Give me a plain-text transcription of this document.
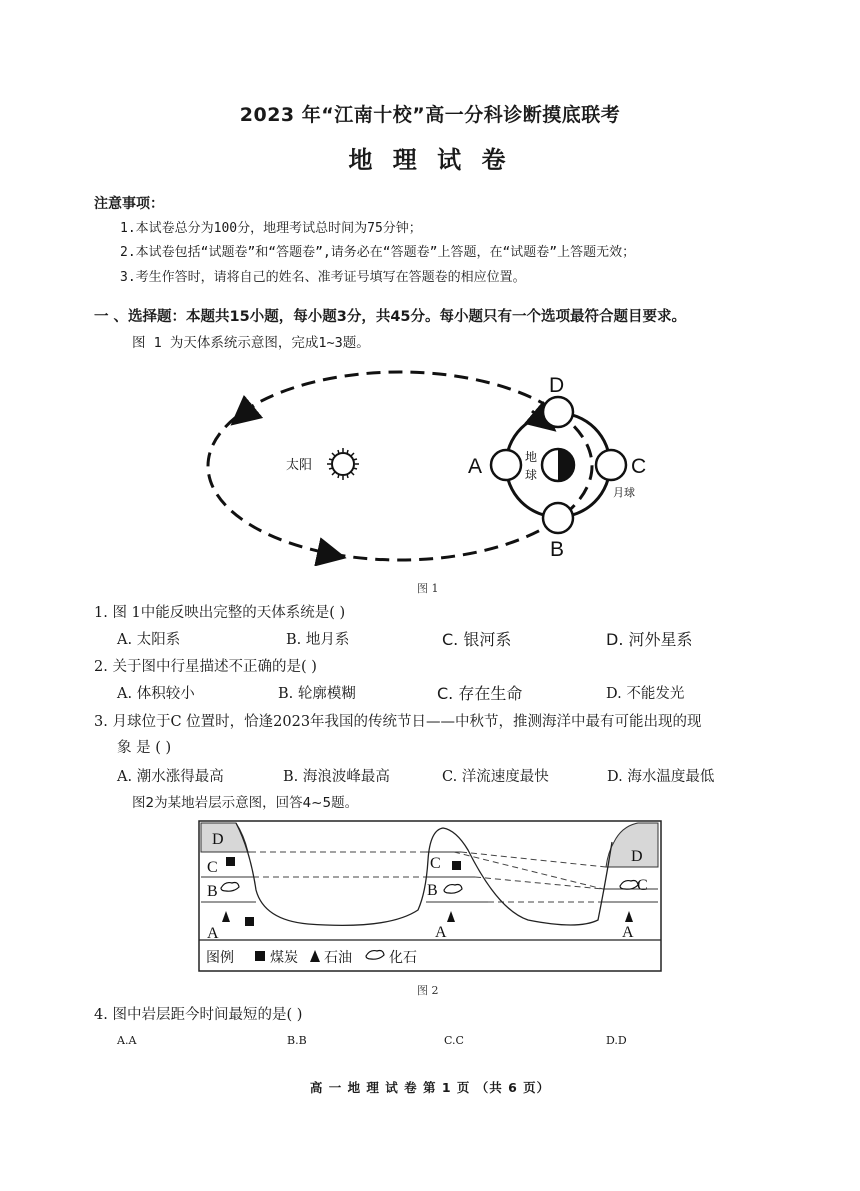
2023 年“江南十校”高一分科诊断摸底联考
地 理 试 卷
注意事项：
1.本试卷总分为100分，地理考试总时间为75分钟；
2.本试卷包括“试题卷”和“答题卷”,请务必在“答题卷”上答题，在“试题卷”上答题无效；
3.考生作答时，请将自己的姓名、准考证号填写在答题卷的相应位置。
一 、选择题：本题共15小题，每小题3分，共45分。每小题只有一个选项最符合题目要求。
图 1 为天体系统示意图，完成1~3题。
太阳	地
球
D
B
A	C
月球
图 1
1. 图 1中能反映出完整的天体系统是( )
A. 太阳系	B. 地月系	C. 银河系	D. 河外星系
2. 关于图中行星描述不正确的是( )
A. 体积较小	B. 轮廓模糊	C. 存在生命	D. 不能发光
3. 月球位于C 位置时，恰逢2023年我国的传统节日——中秋节，推测海洋中最有可能出现的现
象 是 ( )
A. 潮水涨得最高	B. 海浪波峰最高	C. 洋流速度最快	D. 海水温度最低
图2为某地岩层示意图，回答4~5题。
D
C
B
A
C
B
A
D
C
A
图例	煤炭 石油	化石
图 2
4. 图中岩层距今时间最短的是( )
A.A	B.B	C.C	D.D
高 一 地 理 试 卷 第 1 页 （共 6 页）
